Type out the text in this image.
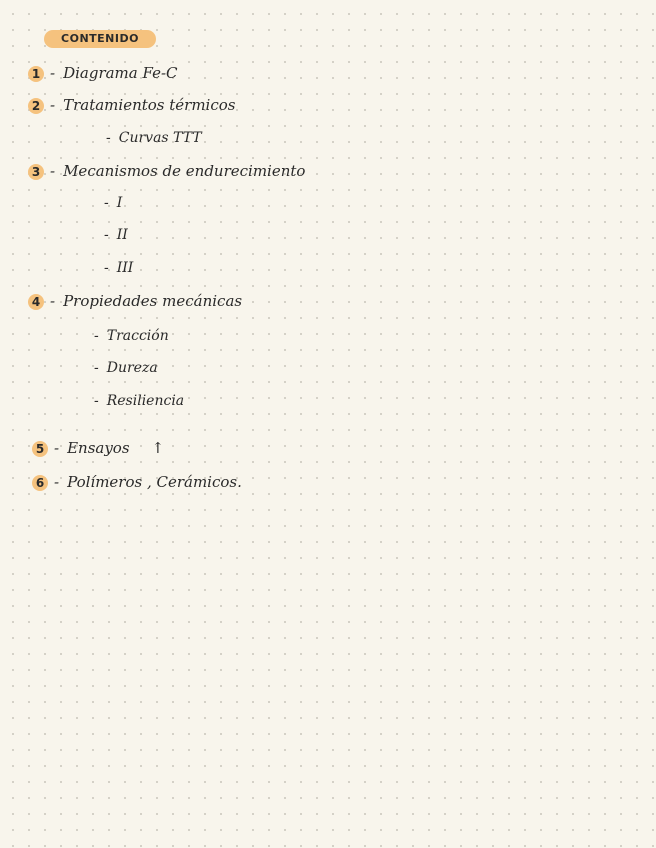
CONTENIDO
1 - Diagrama Fe-C
2 - Tratamientos térmicos
- Curvas TTT
3 - Mecanismos de endurecimiento
- I
- II
- III
4 - Propiedades mecánicas
- Tracción
- Dureza
- Resiliencia
5 - Ensayos ↑
6 - Polímeros , Cerámicos.
